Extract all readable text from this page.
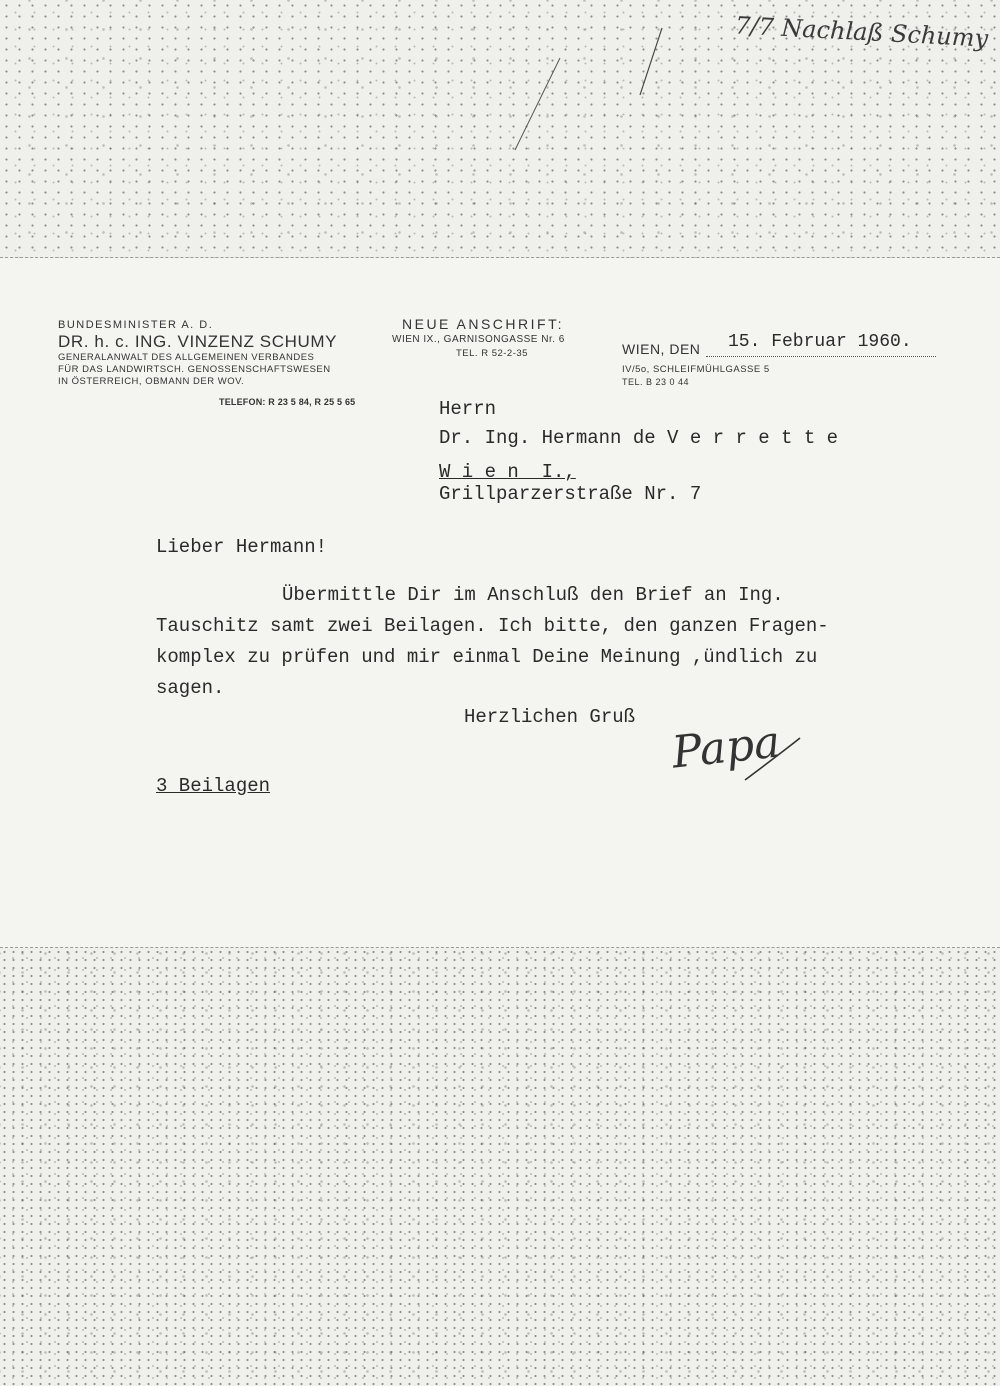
7/7 Nachlaß Schumy
BUNDESMINISTER A. D.
DR. h. c. ING. VINZENZ SCHUMY
GENERALANWALT DES ALLGEMEINEN VERBANDES
FÜR DAS LANDWIRTSCH. GENOSSENSCHAFTSWESEN
IN ÖSTERREICH, OBMANN DER WOV.
TELEFON: R 23 5 84, R 25 5 65
NEUE ANSCHRIFT:
WIEN IX., GARNISONGASSE Nr. 6
TEL. R 52-2-35	WIEN, DEN 15. Februar 1960.
IV/5o, SCHLEIFMÜHLGASSE 5
TEL. B 23 0 44
Herrn
Dr. Ing. Hermann de V e r r e t t e
W i e n  I.,
Grillparzerstraße Nr. 7
Lieber Hermann!
Übermittle Dir im Anschluß den Brief an Ing.
Tauschitz samt zwei Beilagen. Ich bitte, den ganzen Fragen-
komplex zu prüfen und mir einmal Deine Meinung ,ündlich zu
sagen.
Herzlichen Gruß Papa
3 Beilagen
